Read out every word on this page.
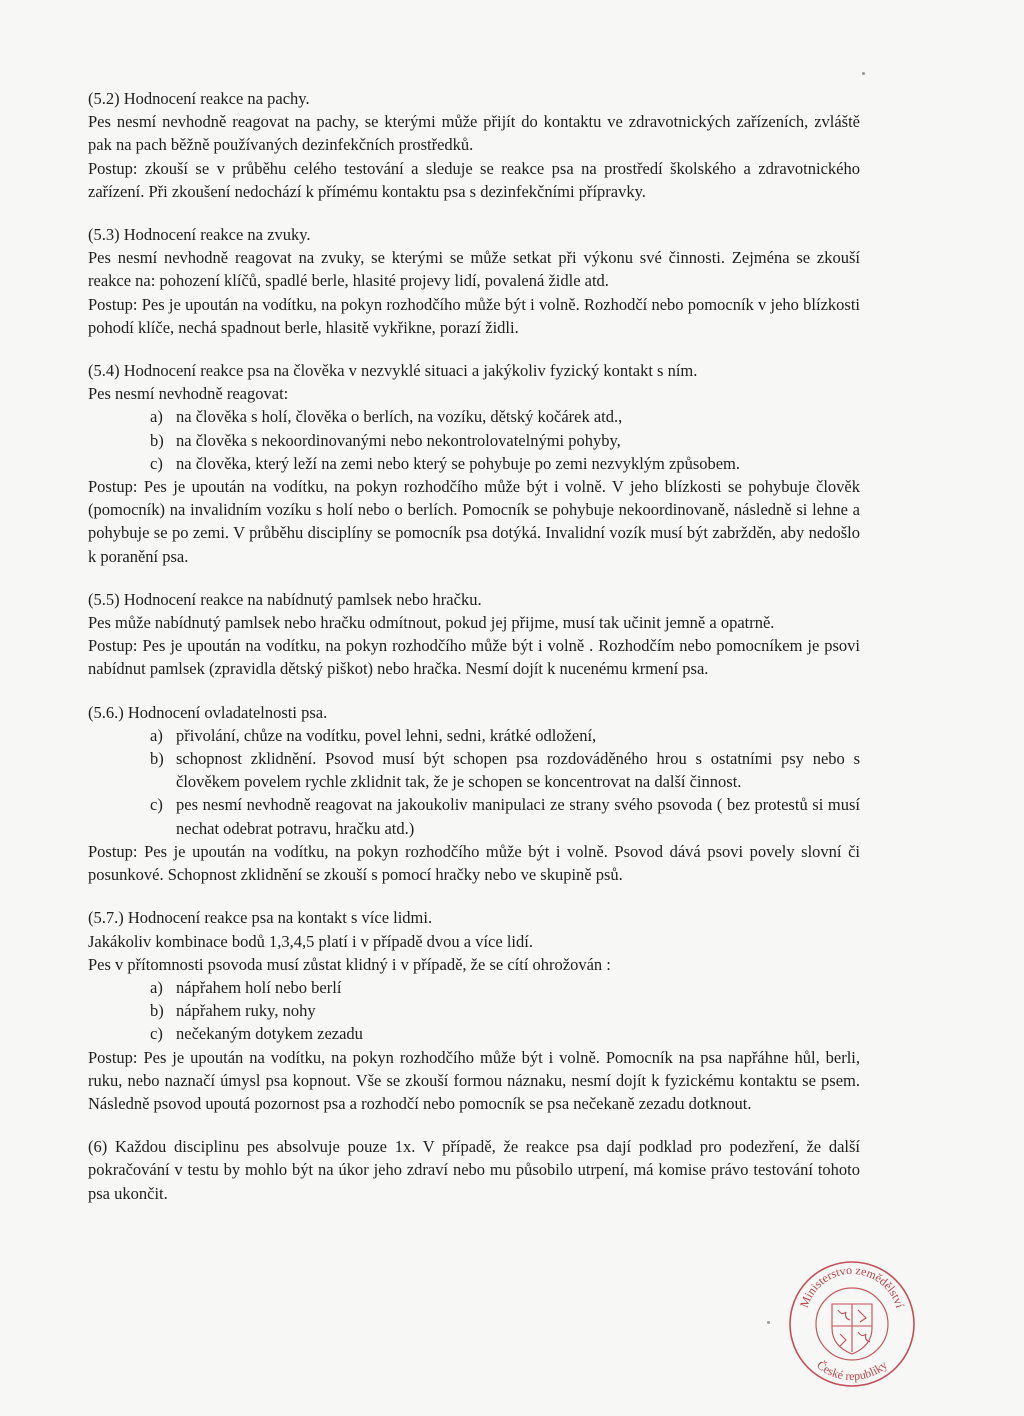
(5.2) Hodnocení reakce na pachy.

Pes nesmí nevhodně reagovat na pachy, se kterými může přijít do kontaktu ve zdravotnických zařízeních, zvláště pak na pach běžně používaných dezinfekčních prostředků.

Postup: zkouší se v průběhu celého testování a sleduje se reakce psa na prostředí školského a zdravotnického zařízení. Při zkoušení nedochází k přímému kontaktu psa s dezinfekčními přípravky.

(5.3) Hodnocení reakce na zvuky.

Pes nesmí nevhodně reagovat na zvuky, se kterými se může setkat při výkonu své činnosti. Zejména se zkouší reakce na: pohození klíčů, spadlé berle, hlasité projevy lidí, povalená židle atd.

Postup: Pes je upoután na vodítku, na pokyn rozhodčího může být i volně. Rozhodčí nebo pomocník v jeho blízkosti pohodí klíče, nechá spadnout berle, hlasitě vykřikne, porazí židli.

(5.4) Hodnocení reakce psa na člověka v nezvyklé situaci a jakýkoliv fyzický kontakt s ním.

Pes nesmí nevhodně reagovat:

a) na člověka s holí, člověka o berlích, na vozíku, dětský kočárek atd.,
b) na člověka s nekoordinovanými nebo nekontrolovatelnými pohyby,
c) na člověka, který leží na zemi nebo který se pohybuje po zemi nezvyklým způsobem.

Postup: Pes je upoután na vodítku, na pokyn rozhodčího může být i volně. V jeho blízkosti se pohybuje člověk (pomocník) na invalidním vozíku s holí nebo o berlích. Pomocník se pohybuje nekoordinovaně, následně si lehne a pohybuje se po zemi. V průběhu disciplíny se pomocník psa dotýká. Invalidní vozík musí být zabržděn, aby nedošlo k poranění psa.

(5.5) Hodnocení reakce na nabídnutý pamlsek nebo hračku.

Pes může nabídnutý pamlsek nebo hračku odmítnout, pokud jej přijme, musí tak učinit jemně a opatrně.

Postup: Pes je upoután na vodítku, na pokyn rozhodčího může být i volně . Rozhodčím nebo pomocníkem je psovi nabídnut pamlsek (zpravidla dětský piškot) nebo hračka. Nesmí dojít k nucenému krmení psa.

(5.6.) Hodnocení ovladatelnosti psa.

a) přivolání, chůze na vodítku, povel lehni, sedni, krátké odložení,
b) schopnost zklidnění. Psovod musí být schopen psa rozdováděného hrou s ostatními psy nebo s člověkem povelem rychle zklidnit tak, že je schopen se koncentrovat na další činnost.
c) pes nesmí nevhodně reagovat na jakoukoliv manipulaci ze strany svého psovoda ( bez protestů si musí nechat odebrat potravu, hračku atd.)

Postup: Pes je upoután na vodítku, na pokyn rozhodčího může být i volně. Psovod dává psovi povely slovní či posunkové. Schopnost zklidnění se zkouší s pomocí hračky nebo ve skupině psů.

(5.7.) Hodnocení reakce psa na kontakt s více lidmi.

Jakákoliv kombinace bodů 1,3,4,5 platí i v případě dvou a více lidí.

Pes v přítomnosti psovoda musí zůstat klidný i v případě, že se cítí ohrožován :

a) nápřahem holí nebo berlí
b) nápřahem ruky, nohy
c) nečekaným dotykem zezadu

Postup: Pes je upoután na vodítku, na pokyn rozhodčího může být i volně. Pomocník na psa napřáhne hůl, berli, ruku, nebo naznačí úmysl psa kopnout. Vše se zkouší formou náznaku, nesmí dojít k fyzickému kontaktu se psem. Následně psovod upoutá pozornost psa a rozhodčí nebo pomocník se psa nečekaně zezadu dotknout.

(6) Každou disciplinu pes absolvuje pouze 1x. V případě, že reakce psa dají podklad pro podezření, že další pokračování v testu by mohlo být na úkor jeho zdraví nebo mu působilo utrpení, má komise právo testování tohoto psa ukončit.

Ministerstvo zemědělství
České republiky
